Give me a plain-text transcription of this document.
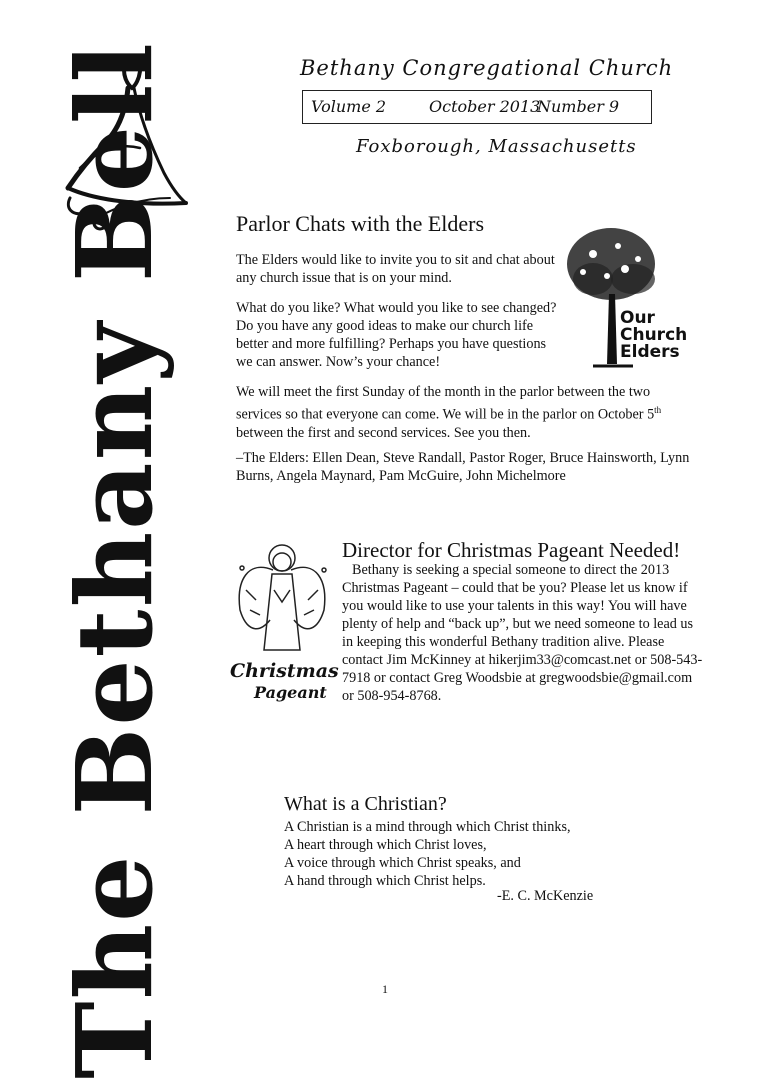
Bethany Congregational Church
Volume 2	October 2013
Number 9
Foxborough, Massachusetts
The Bethany Bell	Parlor Chats with the Elders
The Elders would like to invite you to sit and chat about any church issue that is on your mind.
What do you like? What would you like to see changed? Do you have any good ideas to make our church life better and more fulfilling? Perhaps you have questions we can answer. Now’s your chance!
We will meet the first Sunday of the month in the parlor between the two services so that everyone can come. We will be in the parlor on October 5th between the first and second services. See you then.
–The Elders: Ellen Dean, Steve Randall, Pastor Roger, Bruce Hainsworth, Lynn Burns, Angela Maynard, Pam McGuire, John Michelmore
Our
Church
Elders
Christmas
Pageant
Director for Christmas Pageant Needed!
Bethany is seeking a special someone to direct the 2013 Christmas Pageant – could that be you? Please let us know if you would like to use your talents in this way! You will have plenty of help and “back up”, but we need someone to lead us in keeping this wonderful Bethany tradition alive. Please contact Jim McKinney at hikerjim33@comcast.net or 508-543-7918 or contact Greg Woodsbie at gregwoodsbie@gmail.com or 508-954-8768.
What is a Christian?
A Christian is a mind through which Christ thinks,
A heart through which Christ loves,
A voice through which Christ speaks, and
A hand through which Christ helps.
-E. C. McKenzie
1
